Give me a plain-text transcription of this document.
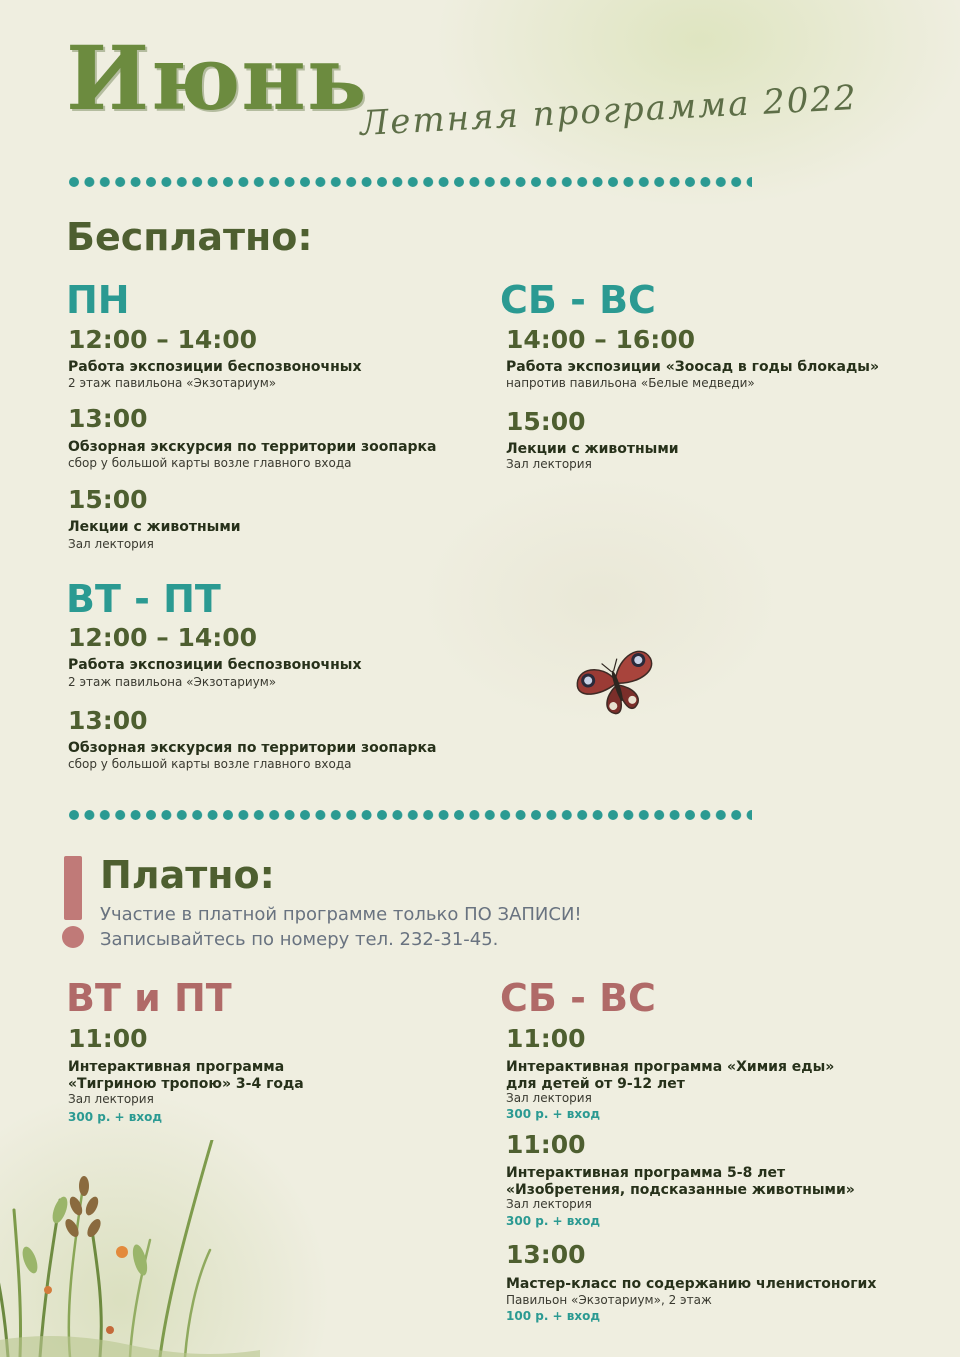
Июнь
Летняя программа 2022
Бесплатно:
ПН
12:00 – 14:00
Работа экспозиции беспозвоночных
2 этаж павильона «Экзотариум»
13:00
Обзорная экскурсия по территории зоопарка
сбор у большой карты возле главного входа
15:00
Лекции с животными
Зал лектория
СБ - ВС
14:00 – 16:00
Работа экспозиции «Зоосад в годы блокады»
напротив павильона «Белые медведи»
15:00
Лекции с животными
Зал лектория
ВТ - ПТ
12:00 – 14:00
Работа экспозиции беспозвоночных
2 этаж павильона «Экзотариум»
13:00
Обзорная экскурсия по территории зоопарка
сбор у большой карты возле главного входа
Платно:
Участие в платной программе только ПО ЗАПИСИ!
Записывайтесь по номеру тел. 232-31-45.
ВТ и ПТ
11:00
Интерактивная программа
«Тигриною тропою» 3-4 года
Зал лектория
300 р. + вход
СБ - ВС
11:00
Интерактивная программа «Химия еды»
для детей от 9-12 лет
Зал лектория
300 р. + вход
11:00
Интерактивная программа 5-8 лет
«Изобретения, подсказанные животными»
Зал лектория
300 р. + вход
13:00
Мастер-класс по содержанию членистоногих
Павильон «Экзотариум», 2 этаж
100 р. + вход
